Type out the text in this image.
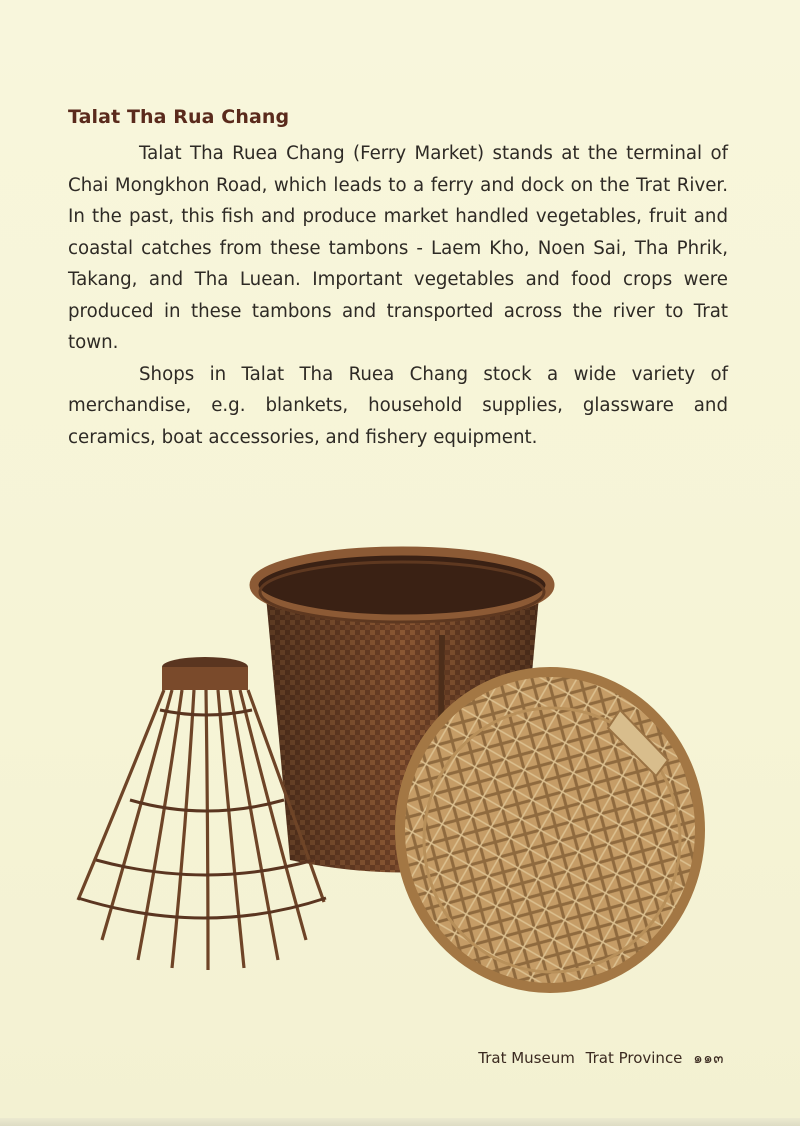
Talat Tha Rua Chang

Talat Tha Ruea Chang (Ferry Market) stands at the terminal of Chai Mongkhon Road, which leads to a ferry and dock on the Trat River. In the past, this fish and produce market handled vegetables, fruit and coastal catches from these tambons - Laem Kho, Noen Sai, Tha Phrik, Takang, and Tha Luean. Important vegetables and food crops were produced in these tambons and transported across the river to Trat town.

Shops in Talat Tha Ruea Chang stock a wide variety of merchandise, e.g. blankets, household supplies, glassware and ceramics, boat accessories, and fishery equipment.

Trat Museum Trat Province ๑๑๓
